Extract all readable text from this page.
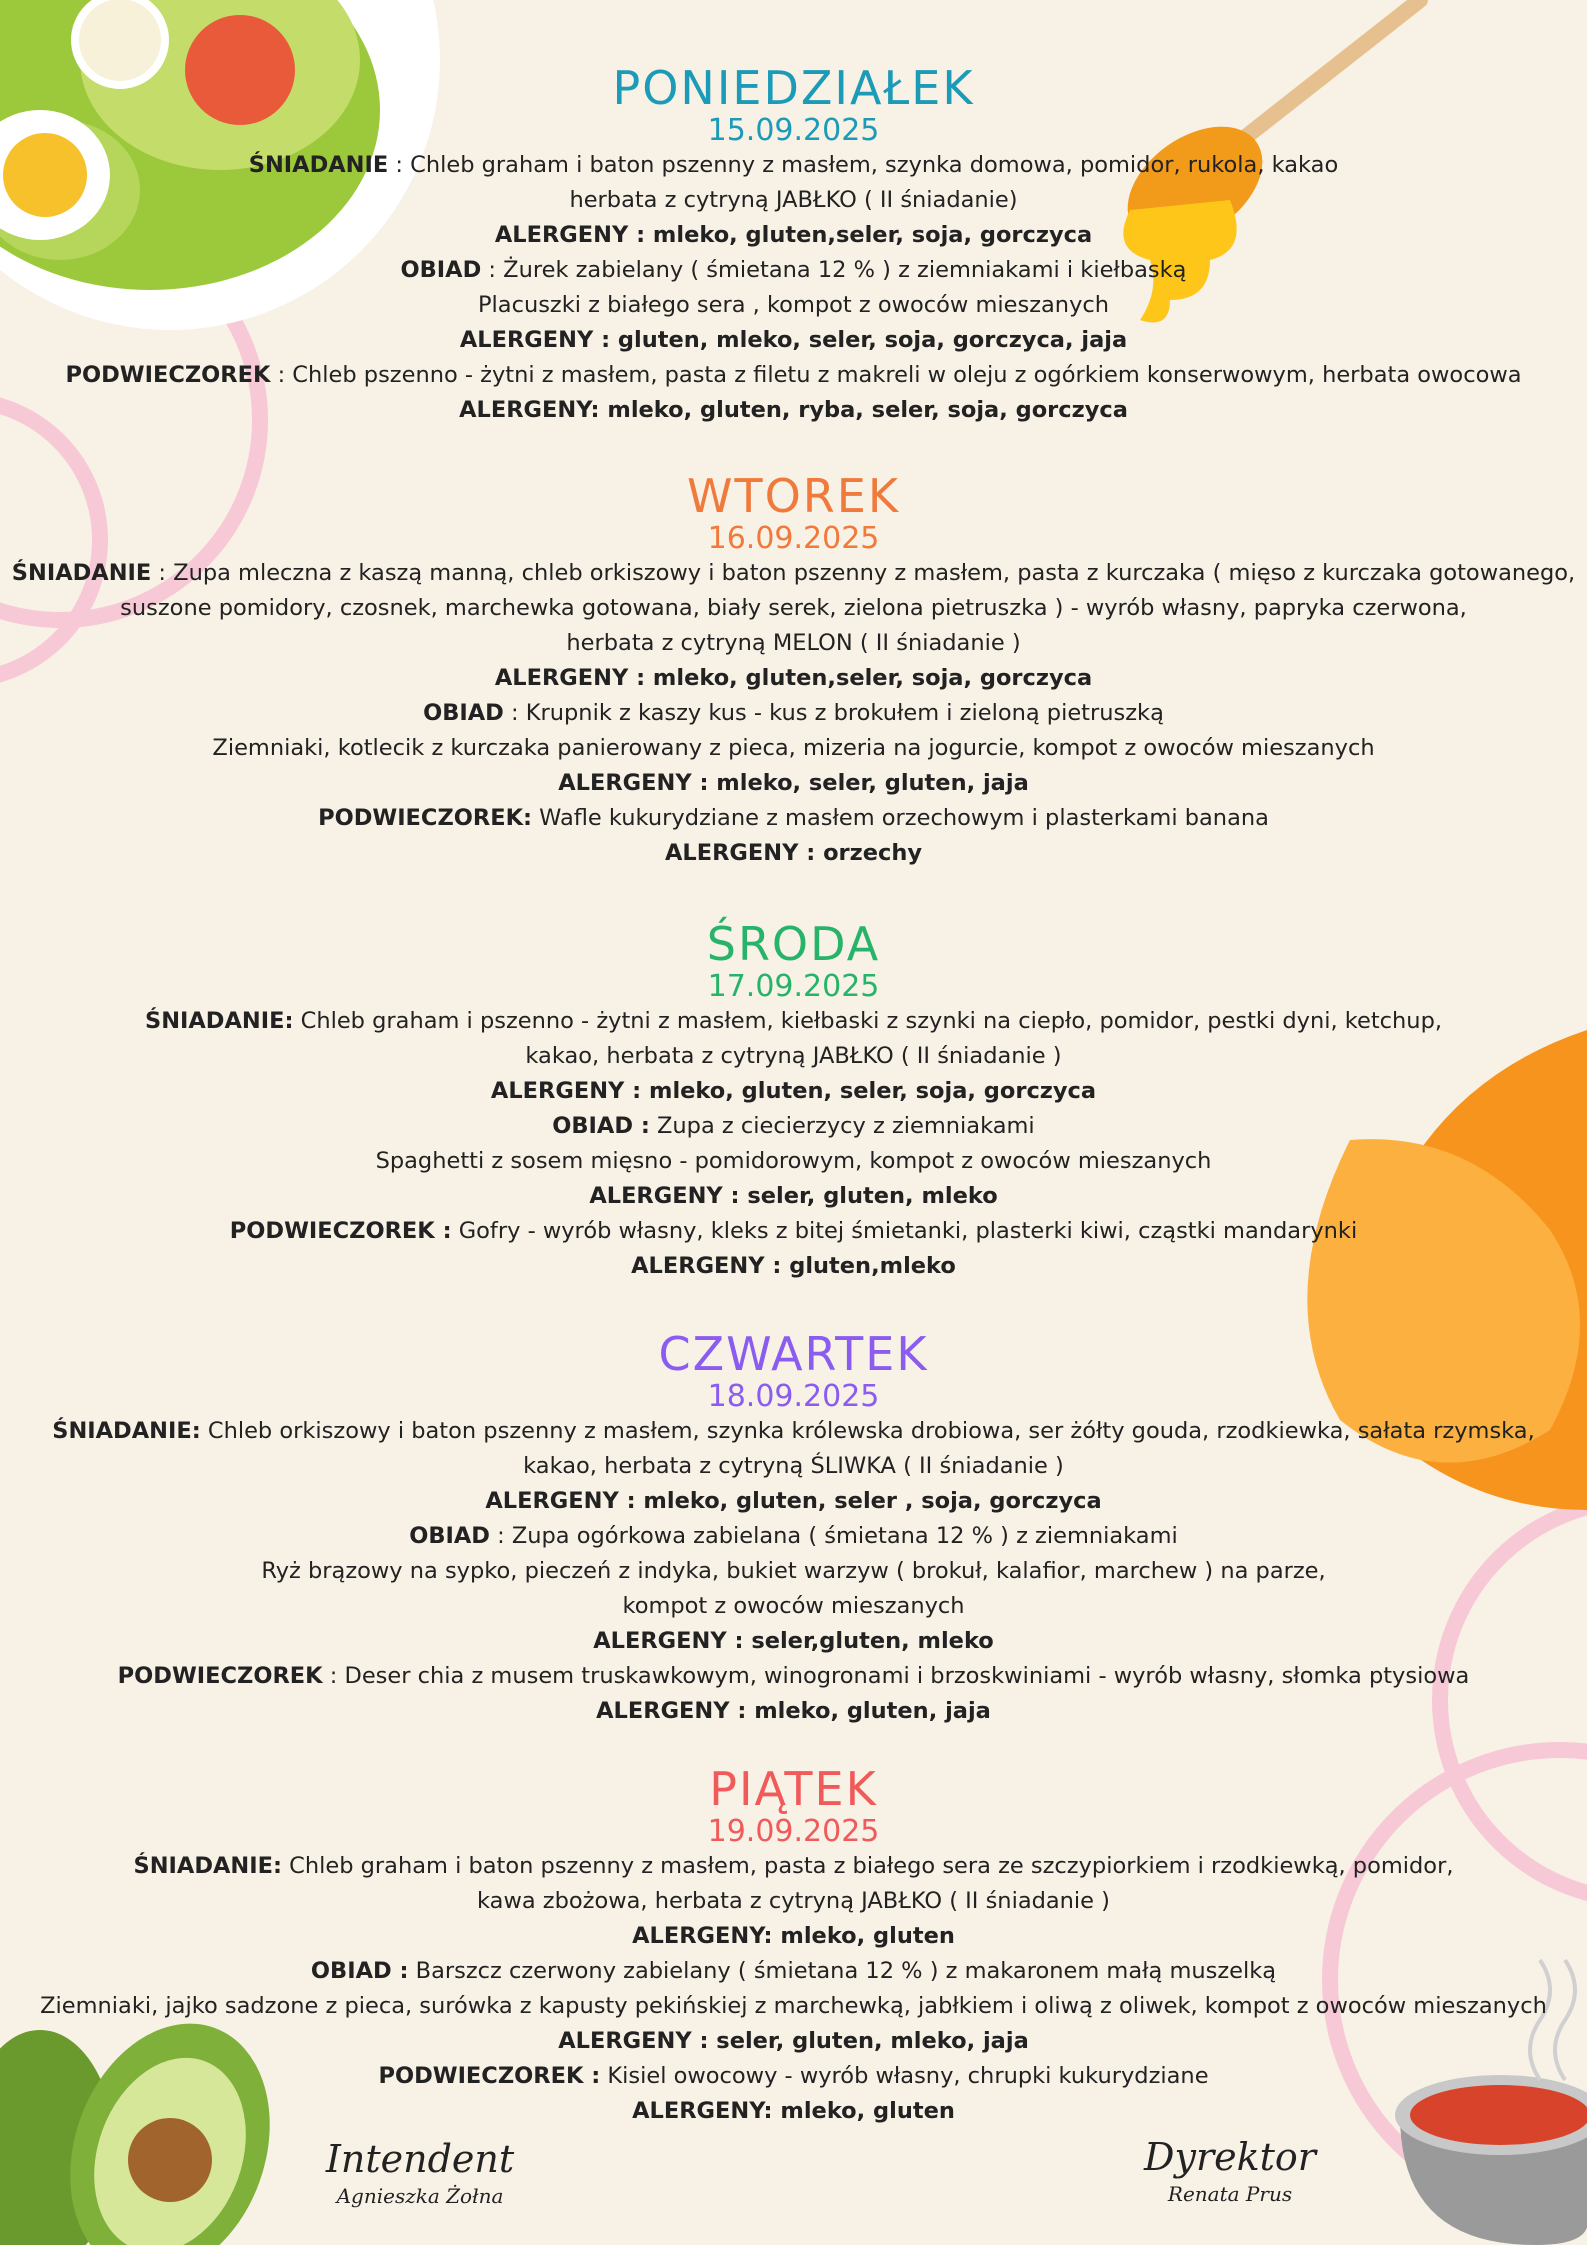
PONIEDZIAŁEK
15.09.2025
ŚNIADANIE : Chleb graham i baton pszenny z masłem, szynka domowa, pomidor, rukola, kakao
herbata z cytryną JABŁKO ( II śniadanie)
ALERGENY : mleko, gluten,seler, soja, gorczyca
OBIAD : Żurek zabielany ( śmietana 12 % ) z ziemniakami i kiełbaską
Placuszki z białego sera , kompot z owoców mieszanych
ALERGENY : gluten, mleko, seler, soja, gorczyca, jaja
PODWIECZOREK : Chleb pszenno - żytni z masłem, pasta z filetu z makreli w oleju z ogórkiem konserwowym, herbata owocowa
ALERGENY: mleko, gluten, ryba, seler, soja, gorczyca
WTOREK
16.09.2025
ŚNIADANIE : Zupa mleczna z kaszą manną, chleb orkiszowy i baton pszenny z masłem, pasta z kurczaka ( mięso z kurczaka gotowanego,
suszone pomidory, czosnek, marchewka gotowana, biały serek, zielona pietruszka ) - wyrób własny, papryka czerwona,
herbata z cytryną MELON ( II śniadanie )
ALERGENY : mleko, gluten,seler, soja, gorczyca
OBIAD : Krupnik z kaszy kus - kus z brokułem i zieloną pietruszką
Ziemniaki, kotlecik z kurczaka panierowany z pieca, mizeria na jogurcie, kompot z owoców mieszanych
ALERGENY : mleko, seler, gluten, jaja
PODWIECZOREK: Wafle kukurydziane z masłem orzechowym i plasterkami banana
ALERGENY : orzechy
ŚRODA
17.09.2025
ŚNIADANIE: Chleb graham i pszenno - żytni z masłem, kiełbaski z szynki na ciepło, pomidor, pestki dyni, ketchup,
kakao, herbata z cytryną JABŁKO ( II śniadanie )
ALERGENY : mleko, gluten, seler, soja, gorczyca
OBIAD : Zupa z ciecierzycy z ziemniakami
Spaghetti z sosem mięsno - pomidorowym, kompot z owoców mieszanych
ALERGENY : seler, gluten, mleko
PODWIECZOREK : Gofry - wyrób własny, kleks z bitej śmietanki, plasterki kiwi, cząstki mandarynki
ALERGENY : gluten,mleko
CZWARTEK
18.09.2025
ŚNIADANIE: Chleb orkiszowy i baton pszenny z masłem, szynka królewska drobiowa, ser żółty gouda, rzodkiewka, sałata rzymska,
kakao, herbata z cytryną ŚLIWKA ( II śniadanie )
ALERGENY : mleko, gluten, seler , soja, gorczyca
OBIAD : Zupa ogórkowa zabielana ( śmietana 12 % ) z ziemniakami
Ryż brązowy na sypko, pieczeń z indyka, bukiet warzyw ( brokuł, kalafior, marchew ) na parze,
kompot z owoców mieszanych
ALERGENY : seler,gluten, mleko
PODWIECZOREK : Deser chia z musem truskawkowym, winogronami i brzoskwiniami - wyrób własny, słomka ptysiowa
ALERGENY : mleko, gluten, jaja
PIĄTEK
19.09.2025
ŚNIADANIE: Chleb graham i baton pszenny z masłem, pasta z białego sera ze szczypiorkiem i rzodkiewką, pomidor,
kawa zbożowa, herbata z cytryną JABŁKO ( II śniadanie )
ALERGENY: mleko, gluten
OBIAD : Barszcz czerwony zabielany ( śmietana 12 % ) z makaronem małą muszelką
Ziemniaki, jajko sadzone z pieca, surówka z kapusty pekińskiej z marchewką, jabłkiem i oliwą z oliwek, kompot z owoców mieszanych
ALERGENY : seler, gluten, mleko, jaja
PODWIECZOREK : Kisiel owocowy - wyrób własny, chrupki kukurydziane
ALERGENY: mleko, gluten
Intendent
Agnieszka Żołna
Dyrektor
Renata Prus
